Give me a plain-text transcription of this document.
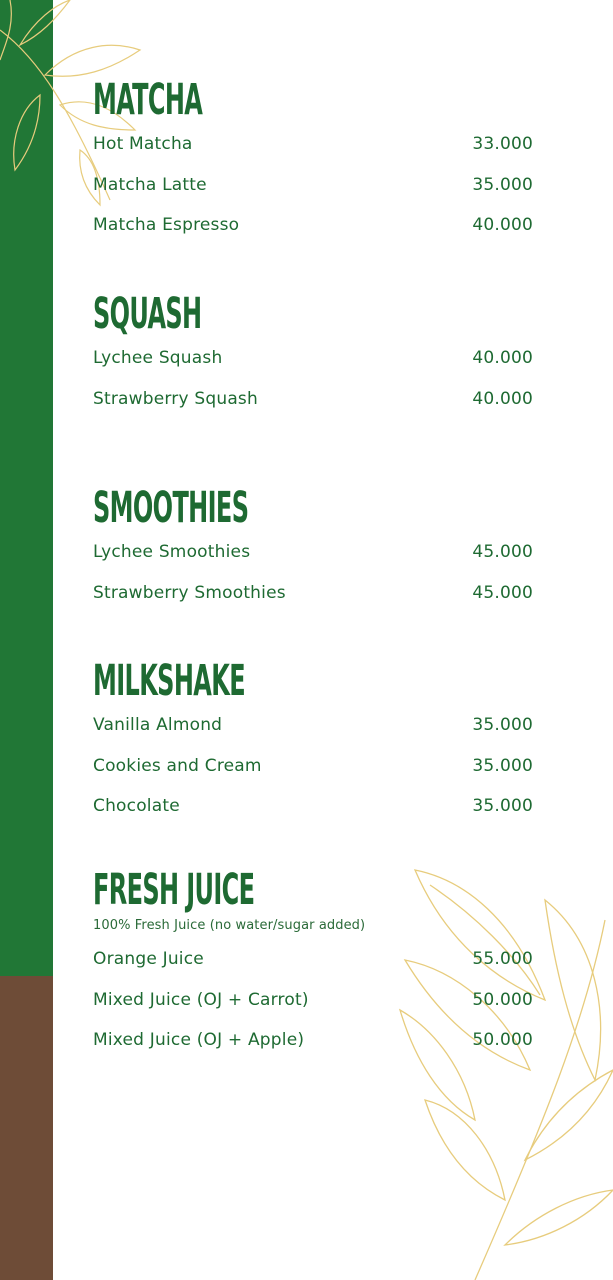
MATCHA
Hot Matcha	33.000
Matcha Latte	35.000
Matcha Espresso	40.000
SQUASH
Lychee Squash	40.000
Strawberry Squash	40.000
SMOOTHIES
Lychee Smoothies	45.000
Strawberry Smoothies	45.000
MILKSHAKE
Vanilla Almond	35.000
Cookies and Cream	35.000
Chocolate	35.000
FRESH JUICE
100% Fresh Juice (no water/sugar added)
Orange Juice	55.000
Mixed Juice (OJ + Carrot)	50.000
Mixed Juice (OJ + Apple)	50.000
